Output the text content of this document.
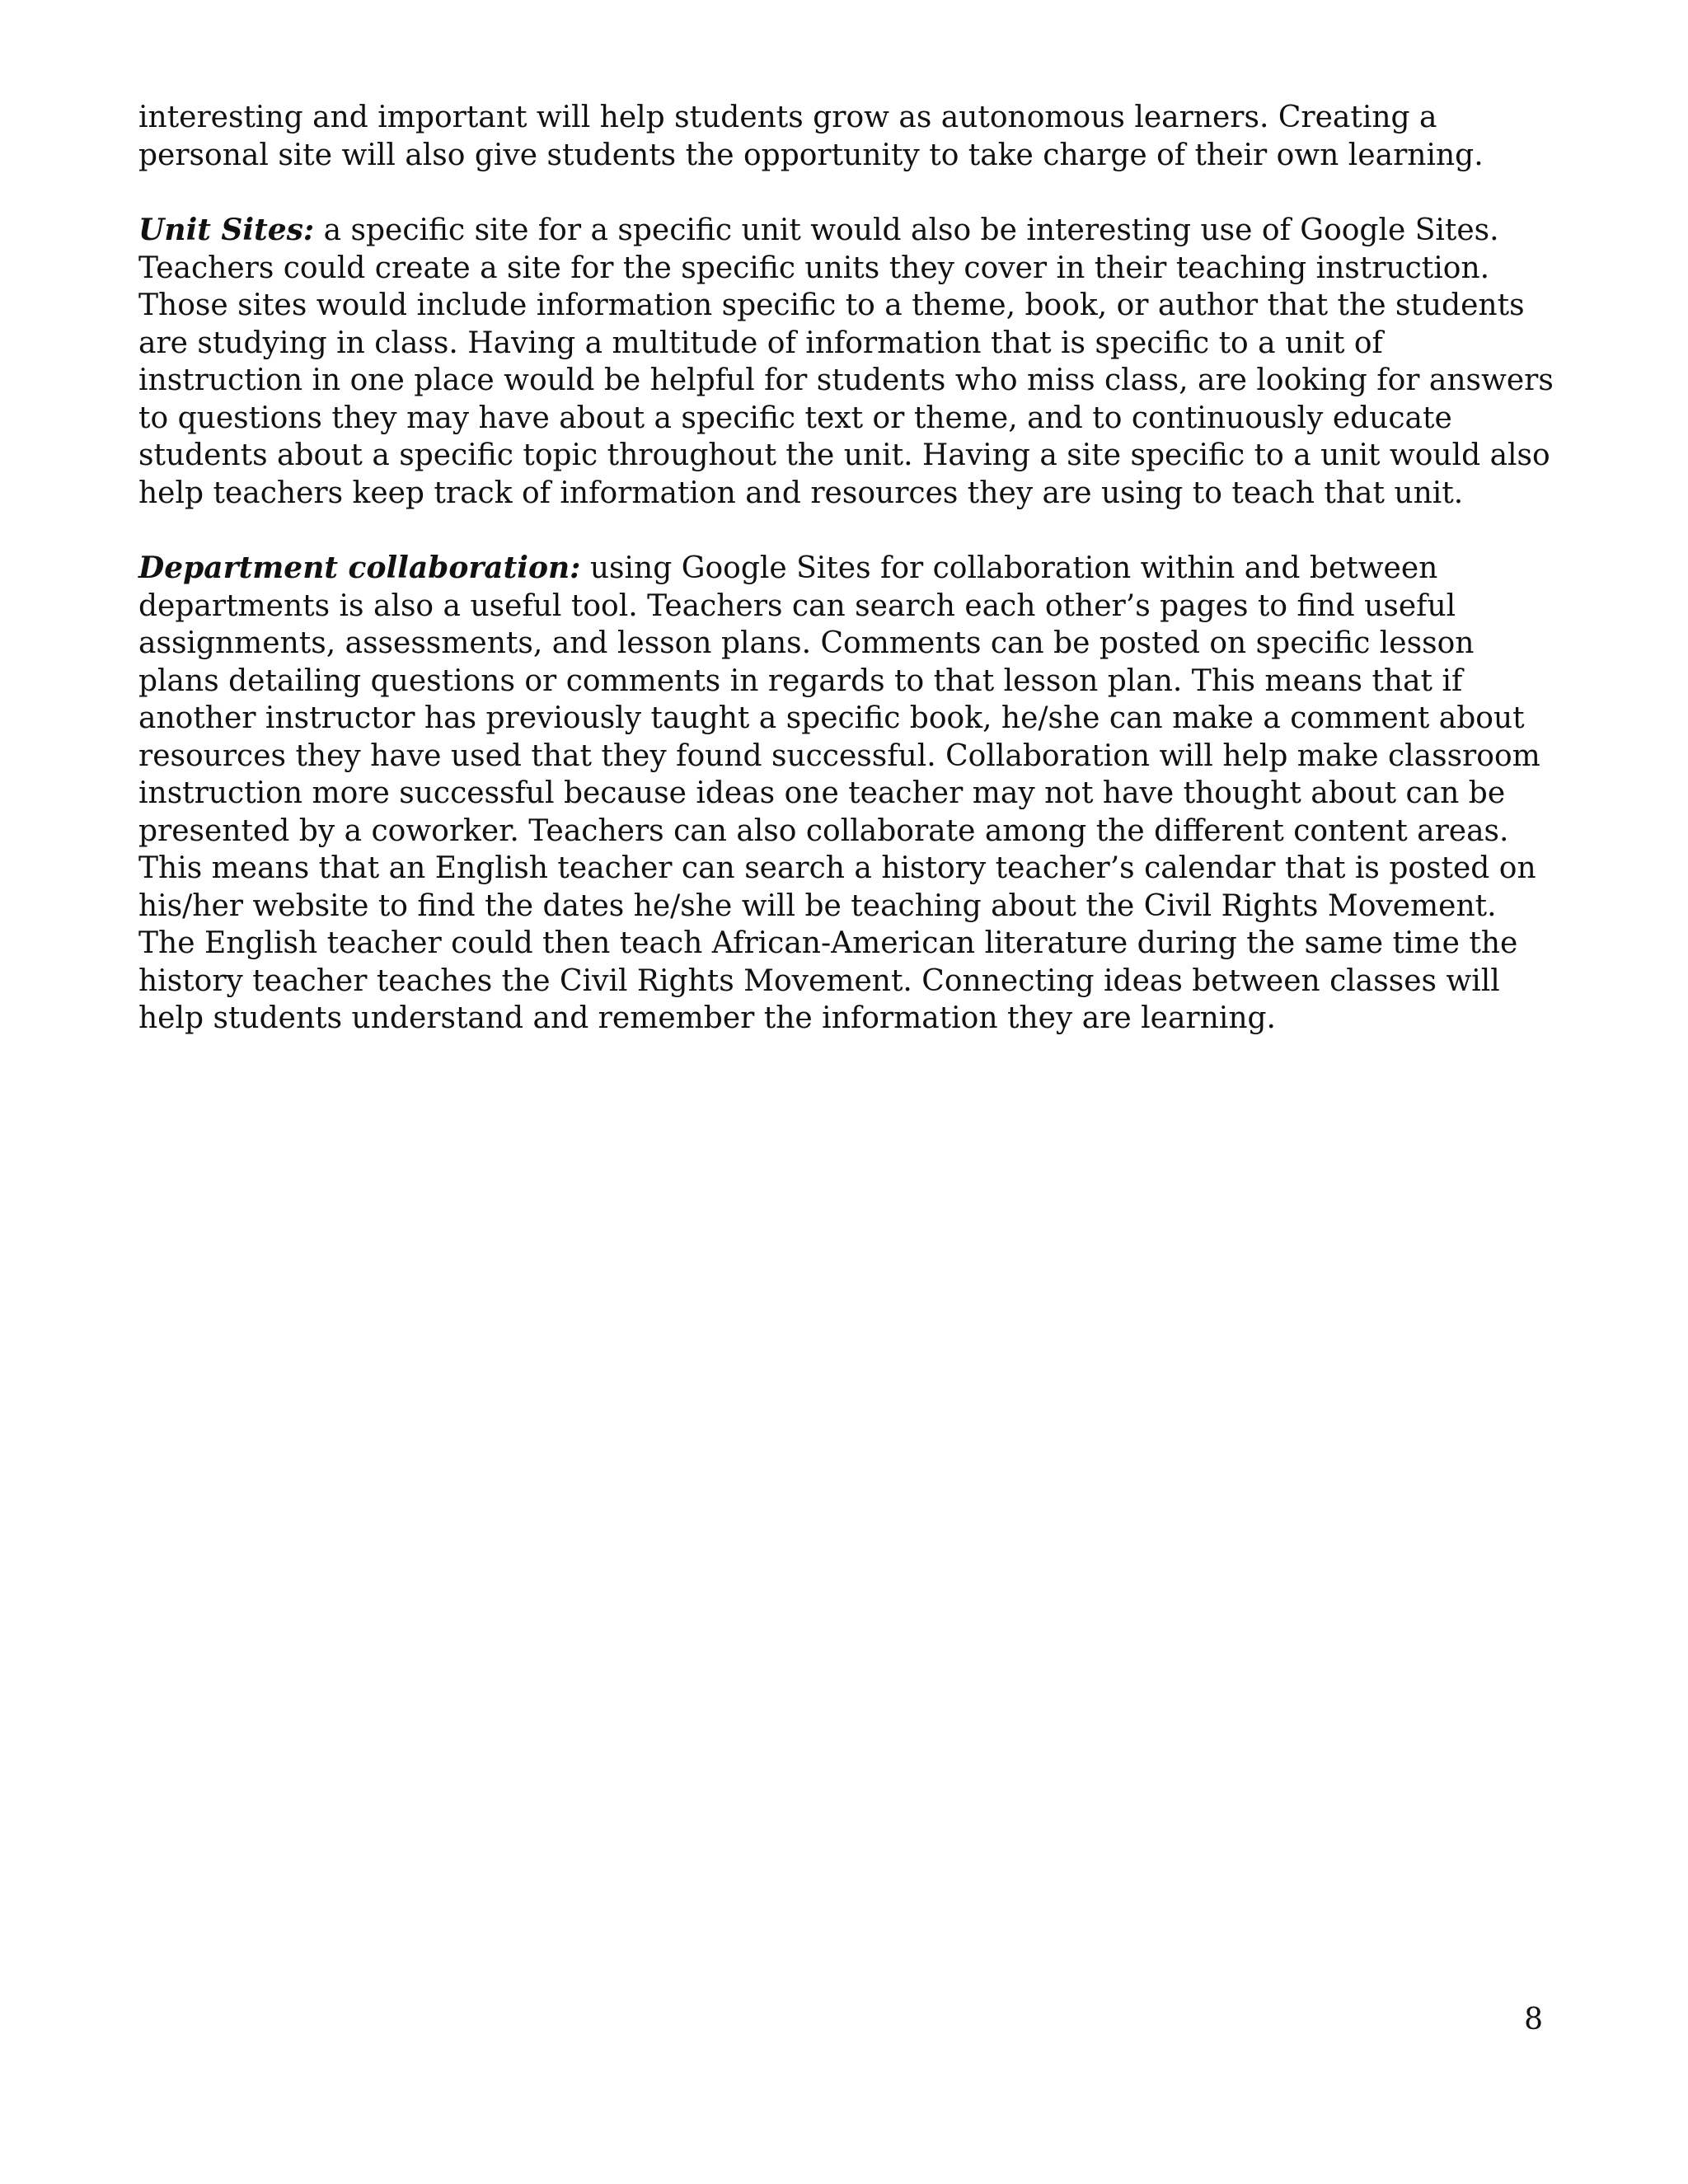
interesting and important will help students grow as autonomous learners. Creating a personal site will also give students the opportunity to take charge of their own learning.

Unit Sites: a specific site for a specific unit would also be interesting use of Google Sites. Teachers could create a site for the specific units they cover in their teaching instruction. Those sites would include information specific to a theme, book, or author that the students are studying in class. Having a multitude of information that is specific to a unit of instruction in one place would be helpful for students who miss class, are looking for answers to questions they may have about a specific text or theme, and to continuously educate students about a specific topic throughout the unit. Having a site specific to a unit would also help teachers keep track of information and resources they are using to teach that unit.

Department collaboration: using Google Sites for collaboration within and between departments is also a useful tool. Teachers can search each other’s pages to find useful assignments, assessments, and lesson plans. Comments can be posted on specific lesson plans detailing questions or comments in regards to that lesson plan. This means that if another instructor has previously taught a specific book, he/she can make a comment about resources they have used that they found successful. Collaboration will help make classroom instruction more successful because ideas one teacher may not have thought about can be presented by a coworker. Teachers can also collaborate among the different content areas. This means that an English teacher can search a history teacher’s calendar that is posted on his/her website to find the dates he/she will be teaching about the Civil Rights Movement. The English teacher could then teach African-American literature during the same time the history teacher teaches the Civil Rights Movement. Connecting ideas between classes will help students understand and remember the information they are learning.

8
